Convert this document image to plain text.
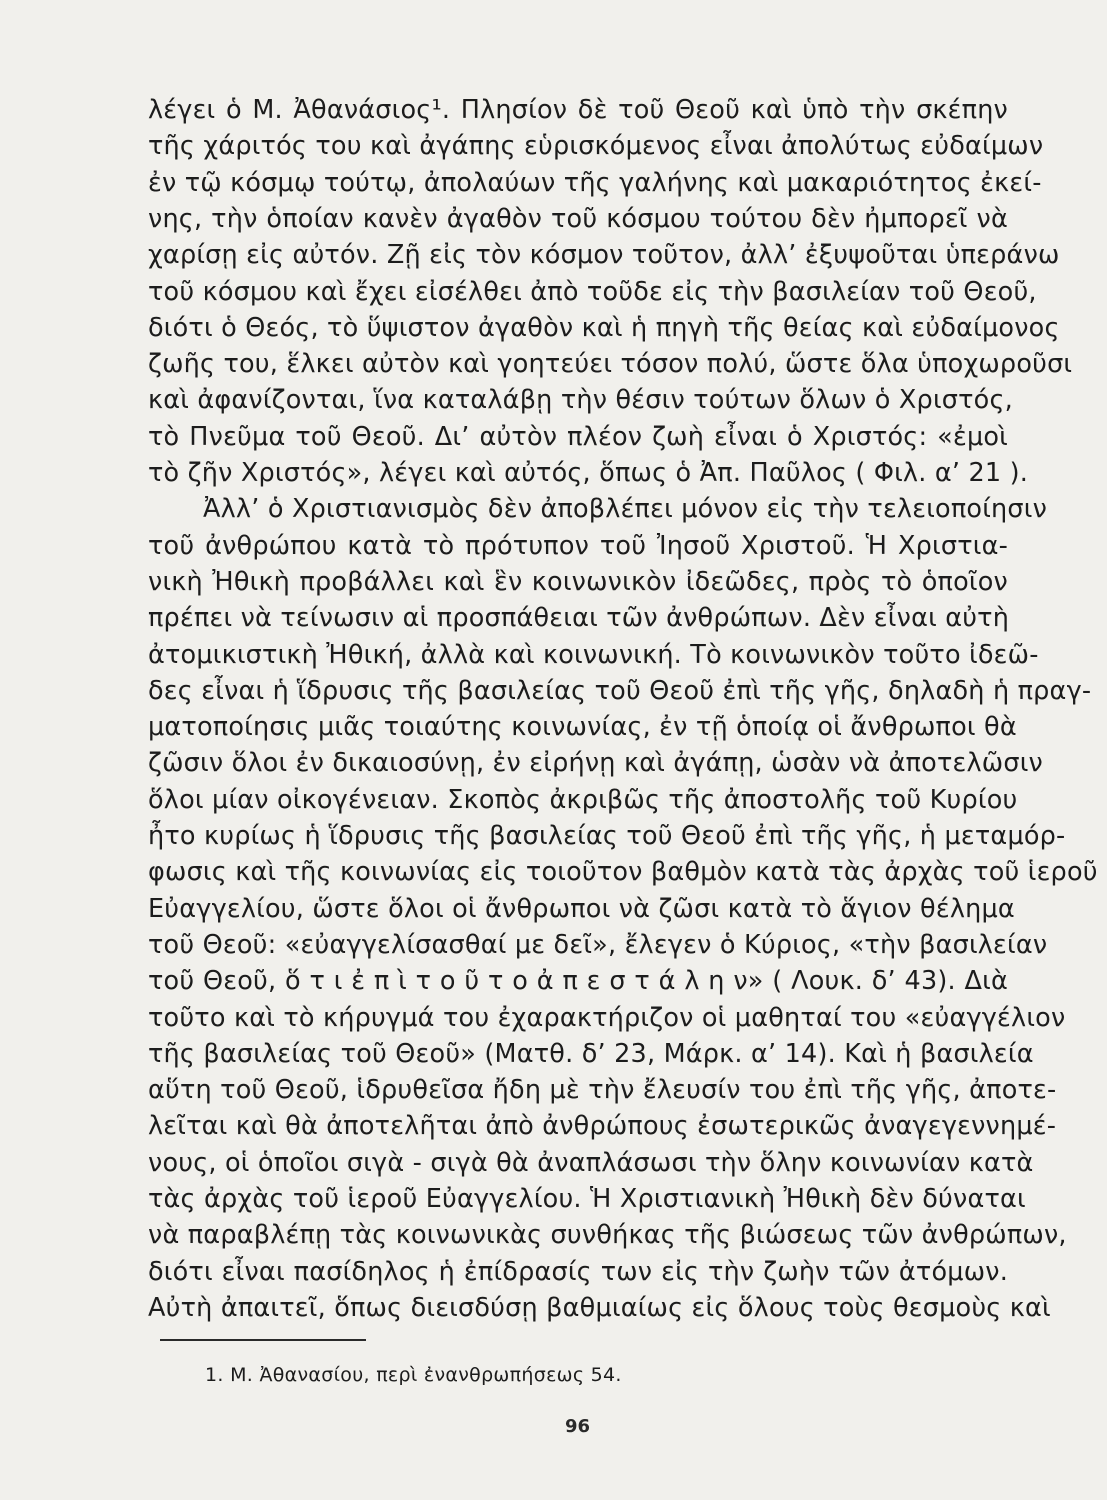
λέγει ὁ Μ. Ἀθανάσιος¹. Πλησίον δὲ τοῦ Θεοῦ καὶ ὑπὸ τὴν σκέπην
τῆς χάριτός του καὶ ἀγάπης εὑρισκόμενος εἶναι ἀπολύτως εὐδαίμων
ἐν τῷ κόσμῳ τούτῳ, ἀπολαύων τῆς γαλήνης καὶ μακαριότητος ἐκεί-
νης, τὴν ὁποίαν κανὲν ἀγαθὸν τοῦ κόσμου τούτου δὲν ἠμπορεῖ νὰ
χαρίσῃ εἰς αὐτόν. Ζῇ εἰς τὸν κόσμον τοῦτον, ἀλλ’ ἐξυψοῦται ὑπεράνω
τοῦ κόσμου καὶ ἔχει εἰσέλθει ἀπὸ τοῦδε εἰς τὴν βασιλείαν τοῦ Θεοῦ,
διότι ὁ Θεός, τὸ ὕψιστον ἀγαθὸν καὶ ἡ πηγὴ τῆς θείας καὶ εὐδαίμονος
ζωῆς του, ἕλκει αὐτὸν καὶ γοητεύει τόσον πολύ, ὥστε ὅλα ὑποχωροῦσι
καὶ ἀφανίζονται, ἵνα καταλάβῃ τὴν θέσιν τούτων ὅλων ὁ Χριστός,
τὸ Πνεῦμα τοῦ Θεοῦ. Δι’ αὐτὸν πλέον ζωὴ εἶναι ὁ Χριστός: «ἐμοὶ
τὸ ζῆν Χριστός», λέγει καὶ αὐτός, ὅπως ὁ Ἀπ. Παῦλος ( Φιλ. α’ 21 ).
Ἀλλ’ ὁ Χριστιανισμὸς δὲν ἀποβλέπει μόνον εἰς τὴν τελειοποίησιν
τοῦ ἀνθρώπου κατὰ τὸ πρότυπον τοῦ Ἰησοῦ Χριστοῦ. Ἡ Χριστια-
νικὴ Ἠθικὴ προβάλλει καὶ ἓν κοινωνικὸν ἰδεῶδες, πρὸς τὸ ὁποῖον
πρέπει νὰ τείνωσιν αἱ προσπάθειαι τῶν ἀνθρώπων. Δὲν εἶναι αὐτὴ
ἀτομικιστικὴ Ἠθική, ἀλλὰ καὶ κοινωνική. Τὸ κοινωνικὸν τοῦτο ἰδεῶ-
δες εἶναι ἡ ἵδρυσις τῆς βασιλείας τοῦ Θεοῦ ἐπὶ τῆς γῆς, δηλαδὴ ἡ πραγ-
ματοποίησις μιᾶς τοιαύτης κοινωνίας, ἐν τῇ ὁποίᾳ οἱ ἄνθρωποι θὰ
ζῶσιν ὅλοι ἐν δικαιοσύνῃ, ἐν εἰρήνῃ καὶ ἀγάπῃ, ὡσὰν νὰ ἀποτελῶσιν
ὅλοι μίαν οἰκογένειαν. Σκοπὸς ἀκριβῶς τῆς ἀποστολῆς τοῦ Κυρίου
ἦτο κυρίως ἡ ἵδρυσις τῆς βασιλείας τοῦ Θεοῦ ἐπὶ τῆς γῆς, ἡ μεταμόρ-
φωσις καὶ τῆς κοινωνίας εἰς τοιοῦτον βαθμὸν κατὰ τὰς ἀρχὰς τοῦ ἱεροῦ
Εὐαγγελίου, ὥστε ὅλοι οἱ ἄνθρωποι νὰ ζῶσι κατὰ τὸ ἅγιον θέλημα
τοῦ Θεοῦ: «εὐαγγελίσασθαί με δεῖ», ἔλεγεν ὁ Κύριος, «τὴν βασιλείαν
τοῦ Θεοῦ, ὅ τ ι ἐ π ὶ τ ο ῦ τ ο ἀ π ε σ τ ά λ η ν» ( Λουκ. δ’ 43). Διὰ
τοῦτο καὶ τὸ κήρυγμά του ἐχαρακτήριζον οἱ μαθηταί του «εὐαγγέλιον
τῆς βασιλείας τοῦ Θεοῦ» (Ματθ. δ’ 23, Μάρκ. α’ 14). Καὶ ἡ βασιλεία
αὕτη τοῦ Θεοῦ, ἱδρυθεῖσα ἤδη μὲ τὴν ἔλευσίν του ἐπὶ τῆς γῆς, ἀποτε-
λεῖται καὶ θὰ ἀποτελῆται ἀπὸ ἀνθρώπους ἐσωτερικῶς ἀναγεγεννημέ-
νους, οἱ ὁποῖοι σιγὰ - σιγὰ θὰ ἀναπλάσωσι τὴν ὅλην κοινωνίαν κατὰ
τὰς ἀρχὰς τοῦ ἱεροῦ Εὐαγγελίου. Ἡ Χριστιανικὴ Ἠθικὴ δὲν δύναται
νὰ παραβλέπῃ τὰς κοινωνικὰς συνθήκας τῆς βιώσεως τῶν ἀνθρώπων,
διότι εἶναι πασίδηλος ἡ ἐπίδρασίς των εἰς τὴν ζωὴν τῶν ἀτόμων.
Αὐτὴ ἀπαιτεῖ, ὅπως διεισδύσῃ βαθμιαίως εἰς ὅλους τοὺς θεσμοὺς καὶ
1. Μ. Ἀθανασίου, περὶ ἐνανθρωπήσεως 54.
96
